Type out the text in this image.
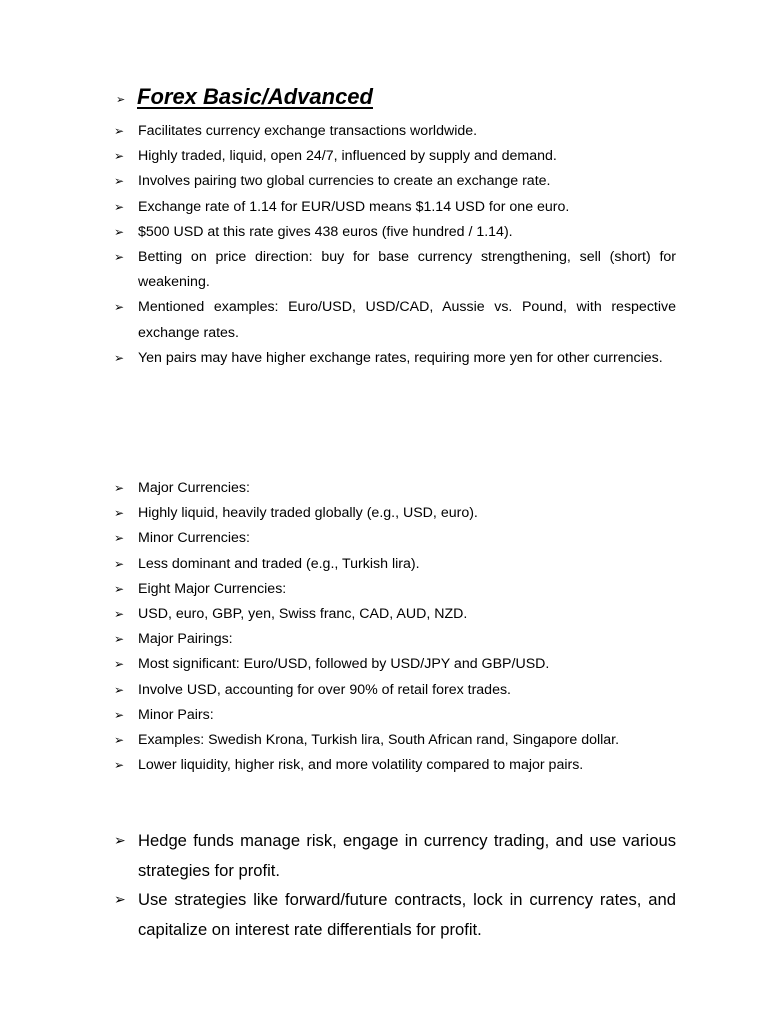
➢ Forex Basic/Advanced
➢ Facilitates currency exchange transactions worldwide.
➢ Highly traded, liquid, open 24/7, influenced by supply and demand.
➢ Involves pairing two global currencies to create an exchange rate.
➢ Exchange rate of 1.14 for EUR/USD means $1.14 USD for one euro.
➢ $500 USD at this rate gives 438 euros (five hundred / 1.14).
➢ Betting on price direction: buy for base currency strengthening, sell (short) for weakening.
➢ Mentioned examples: Euro/USD, USD/CAD, Aussie vs. Pound, with respective exchange rates.
➢ Yen pairs may have higher exchange rates, requiring more yen for other currencies.
➢ Major Currencies:
➢ Highly liquid, heavily traded globally (e.g., USD, euro).
➢ Minor Currencies:
➢ Less dominant and traded (e.g., Turkish lira).
➢ Eight Major Currencies:
➢ USD, euro, GBP, yen, Swiss franc, CAD, AUD, NZD.
➢ Major Pairings:
➢ Most significant: Euro/USD, followed by USD/JPY and GBP/USD.
➢ Involve USD, accounting for over 90% of retail forex trades.
➢ Minor Pairs:
➢ Examples: Swedish Krona, Turkish lira, South African rand, Singapore dollar.
➢ Lower liquidity, higher risk, and more volatility compared to major pairs.
➢ Hedge funds manage risk, engage in currency trading, and use various strategies for profit.
➢ Use strategies like forward/future contracts, lock in currency rates, and capitalize on interest rate differentials for profit.
